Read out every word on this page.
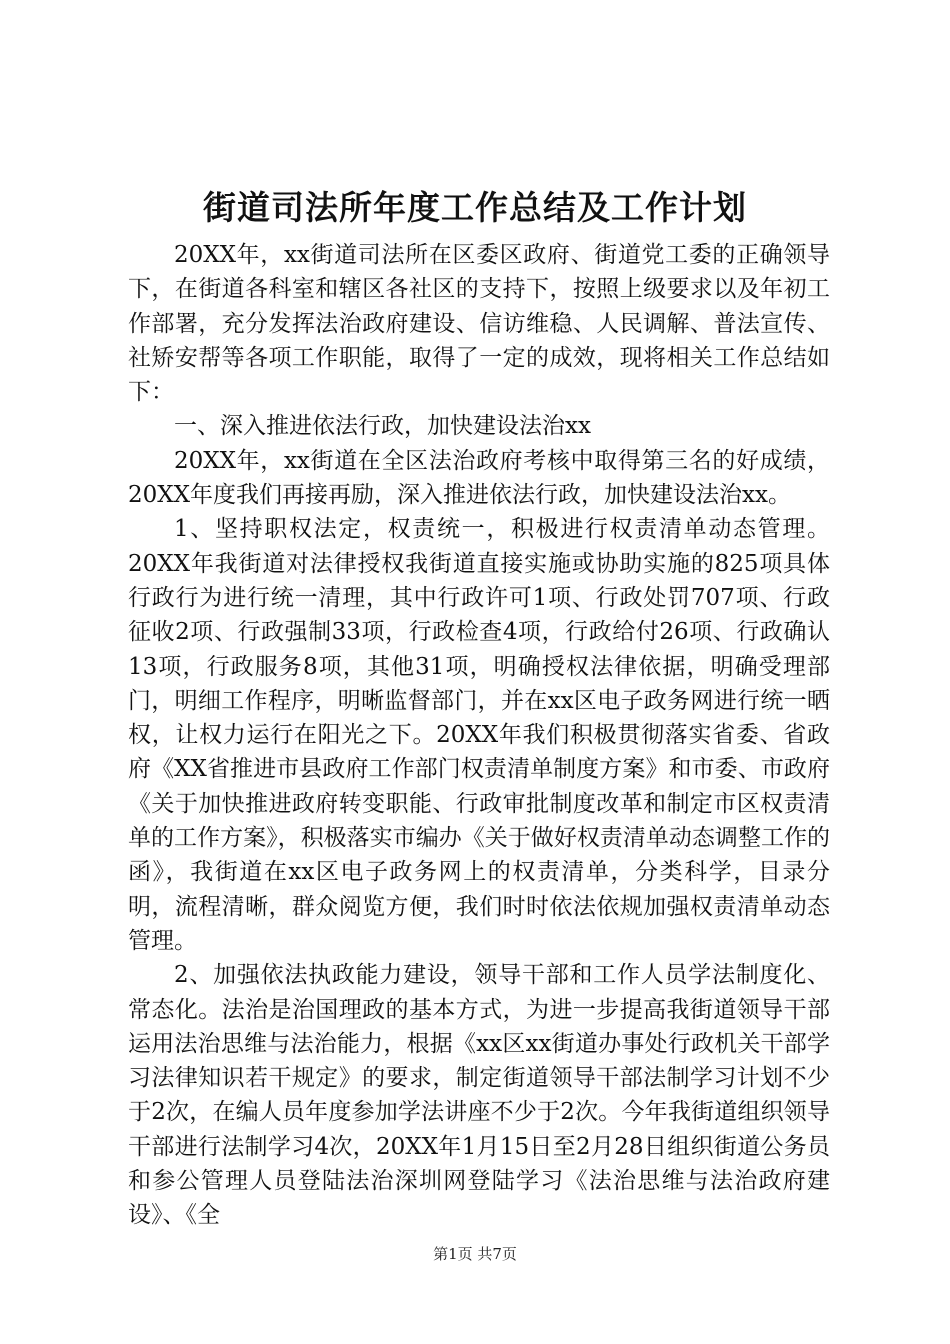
街道司法所年度工作总结及工作计划

20XX年，xx街道司法所在区委区政府、街道党工委的正确领导下，在街道各科室和辖区各社区的支持下，按照上级要求以及年初工作部署，充分发挥法治政府建设、信访维稳、人民调解、普法宣传、社矫安帮等各项工作职能，取得了一定的成效，现将相关工作总结如下：

一、深入推进依法行政，加快建设法治xx

20XX年，xx街道在全区法治政府考核中取得第三名的好成绩，20XX年度我们再接再励，深入推进依法行政，加快建设法治xx。

1、坚持职权法定，权责统一，积极进行权责清单动态管理。20XX年我街道对法律授权我街道直接实施或协助实施的825项具体行政行为进行统一清理，其中行政许可1项、行政处罚707项、行政征收2项、行政强制33项，行政检查4项，行政给付26项、行政确认13项，行政服务8项，其他31项，明确授权法律依据，明确受理部门，明细工作程序，明晰监督部门，并在xx区电子政务网进行统一晒权，让权力运行在阳光之下。20XX年我们积极贯彻落实省委、省政府《XX省推进市县政府工作部门权责清单制度方案》和市委、市政府《关于加快推进政府转变职能、行政审批制度改革和制定市区权责清单的工作方案》，积极落实市编办《关于做好权责清单动态调整工作的函》，我街道在xx区电子政务网上的权责清单，分类科学，目录分明，流程清晰，群众阅览方便，我们时时依法依规加强权责清单动态管理。

2、加强依法执政能力建设，领导干部和工作人员学法制度化、常态化。法治是治国理政的基本方式，为进一步提高我街道领导干部运用法治思维与法治能力，根据《xx区xx街道办事处行政机关干部学习法律知识若干规定》的要求，制定街道领导干部法制学习计划不少于2次，在编人员年度参加学法讲座不少于2次。今年我街道组织领导干部进行法制学习4次，20XX年1月15日至2月28日组织街道公务员和参公管理人员登陆法治深圳网登陆学习《法治思维与法治政府建设》、《全

第1页 共7页
